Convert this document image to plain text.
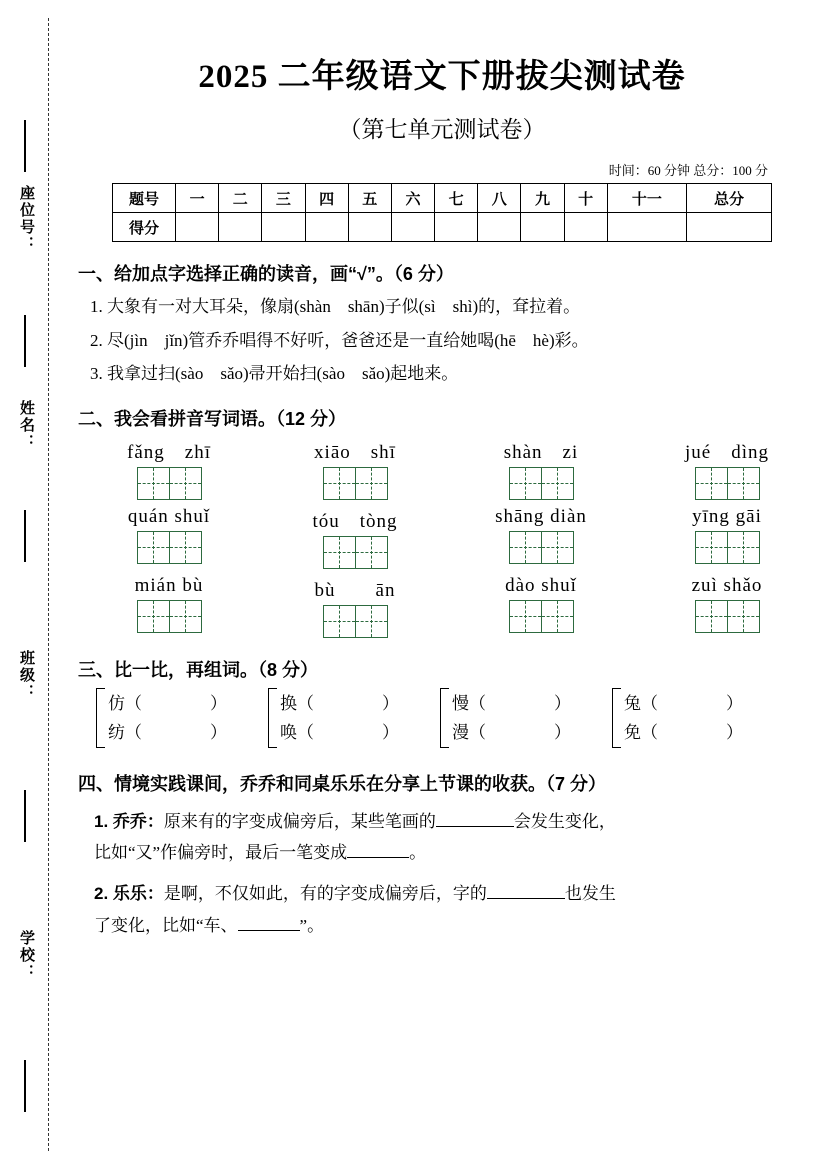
座位号：
姓名：
班级：
学校：
2025 二年级语文下册拔尖测试卷
（第七单元测试卷）
时间：60 分钟 总分：100 分
题号	一	二	三	四	五	六	七	八	九	十	十一	总分
得分												
一、给加点字选择正确的读音，画“√”。（6 分）
1. 大象有一对大耳朵，像扇(shàn　shān)子似(sì　shì)的，耷拉着。
2. 尽(jìn　jǐn)管乔乔唱得不好听，爸爸还是一直给她喝(hē　hè)彩。
3. 我拿过扫(sào　sǎo)帚开始扫(sào　sǎo)起地来。
二、我会看拼音写词语。（12 分）
fǎng　zhī	xiāo　shī	shàn　zi	jué　dìng
quán shuǐ	tóu　tòng	shāng diàn	yīng gāi
mián bù	bù　　ān	dào shuǐ	zuì shǎo
三、比一比，再组词。（8 分）
仿（　　　　）
纺（　　　　）
换（　　　　）
唤（　　　　）
慢（　　　　）
漫（　　　　）
兔（　　　　）
免（　　　　）
四、情境实践课间，乔乔和同桌乐乐在分享上节课的收获。（7 分）
1. 乔乔：原来有的字变成偏旁后，某些笔画的	会发生变化，
比如“又”作偏旁时，最后一笔变成	。
2. 乐乐：是啊，不仅如此，有的字变成偏旁后，字的	也发生
了变化，比如“车、	”。
